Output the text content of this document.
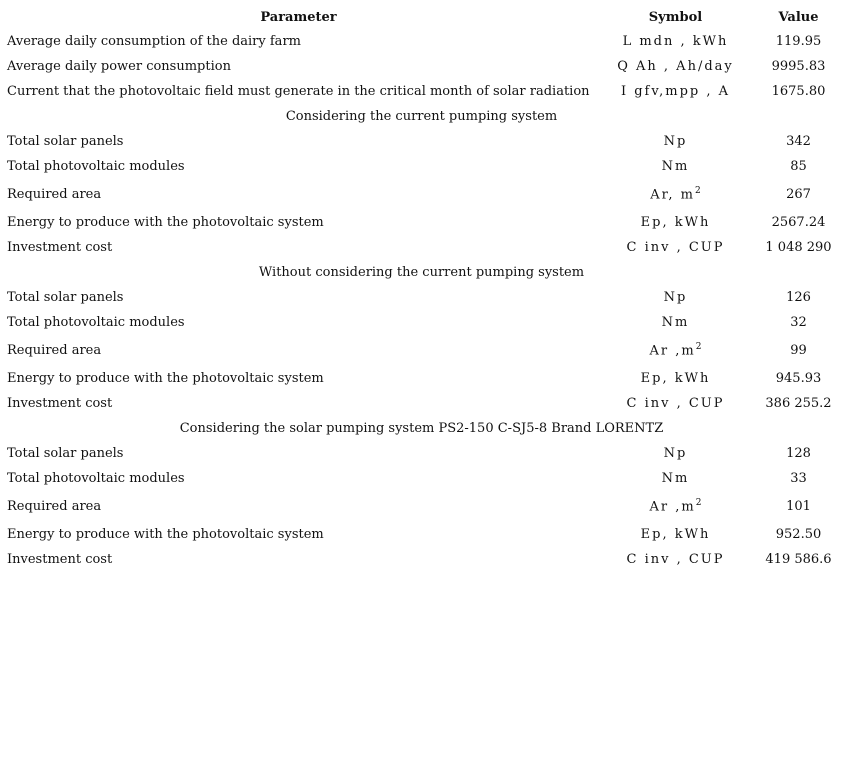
Parameter	Symbol	Value
Average daily consumption of the dairy farm	L mdn , kWh	119.95
Average daily power consumption	Q Ah , Ah/day	9995.83
Current that the photovoltaic field must generate in the critical month of solar radiation	I gfv,mpp , A	1675.80
Considering the current pumping system		
Total solar panels	Np	342
Total photovoltaic modules	Nm	85
Required area	Ar, $m^2$	267
Energy to produce with the photovoltaic system	Ep, kWh	2567.24
Investment cost	C inv , CUP	1 048 290
Without considering the current pumping system		
Total solar panels	Np	126
Total photovoltaic modules	Nm	32
Required area	Ar $,m^2$	99
Energy to produce with the photovoltaic system	Ep, kWh	945.93
Investment cost	C inv , CUP	386 255.2
Considering the solar pumping system PS2-150 C-SJ5-8 Brand LORENTZ		
Total solar panels	Np	128
Total photovoltaic modules	Nm	33
Required area	Ar $,m^2$	101
Energy to produce with the photovoltaic system	Ep, kWh	952.50
Investment cost	C inv , CUP	419 586.6
